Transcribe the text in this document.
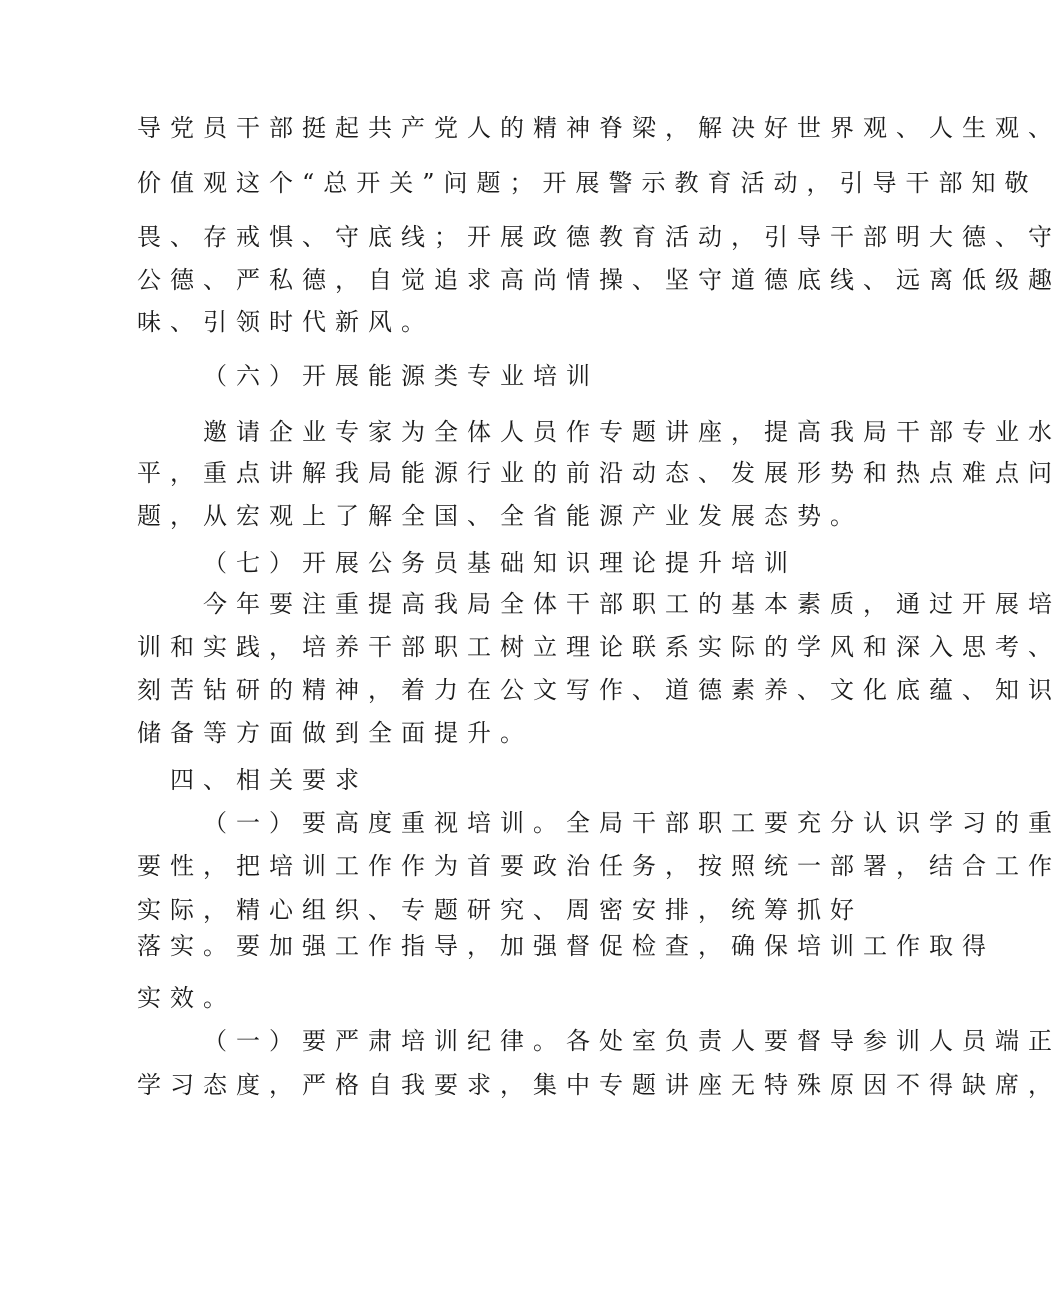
导党员干部挺起共产党人的精神脊梁，解决好世界观、人生观、
价值观这个“总开关”问题；开展警示教育活动，引导干部知敬
畏、存戒惧、守底线；开展政德教育活动，引导干部明大德、守
公德、严私德，自觉追求高尚情操、坚守道德底线、远离低级趣
味、引领时代新风。
（六）开展能源类专业培训
邀请企业专家为全体人员作专题讲座，提高我局干部专业水
平，重点讲解我局能源行业的前沿动态、发展形势和热点难点问
题，从宏观上了解全国、全省能源产业发展态势。
（七）开展公务员基础知识理论提升培训
今年要注重提高我局全体干部职工的基本素质，通过开展培
训和实践，培养干部职工树立理论联系实际的学风和深入思考、
刻苦钻研的精神，着力在公文写作、道德素养、文化底蕴、知识
储备等方面做到全面提升。
四、相关要求
（一）要高度重视培训。全局干部职工要充分认识学习的重
要性，把培训工作作为首要政治任务，按照统一部署，结合工作
实际，精心组织、专题研究、周密安排，统筹抓好
落实。要加强工作指导，加强督促检查，确保培训工作取得
实效。
（一）要严肃培训纪律。各处室负责人要督导参训人员端正
学习态度，严格自我要求，集中专题讲座无特殊原因不得缺席，
